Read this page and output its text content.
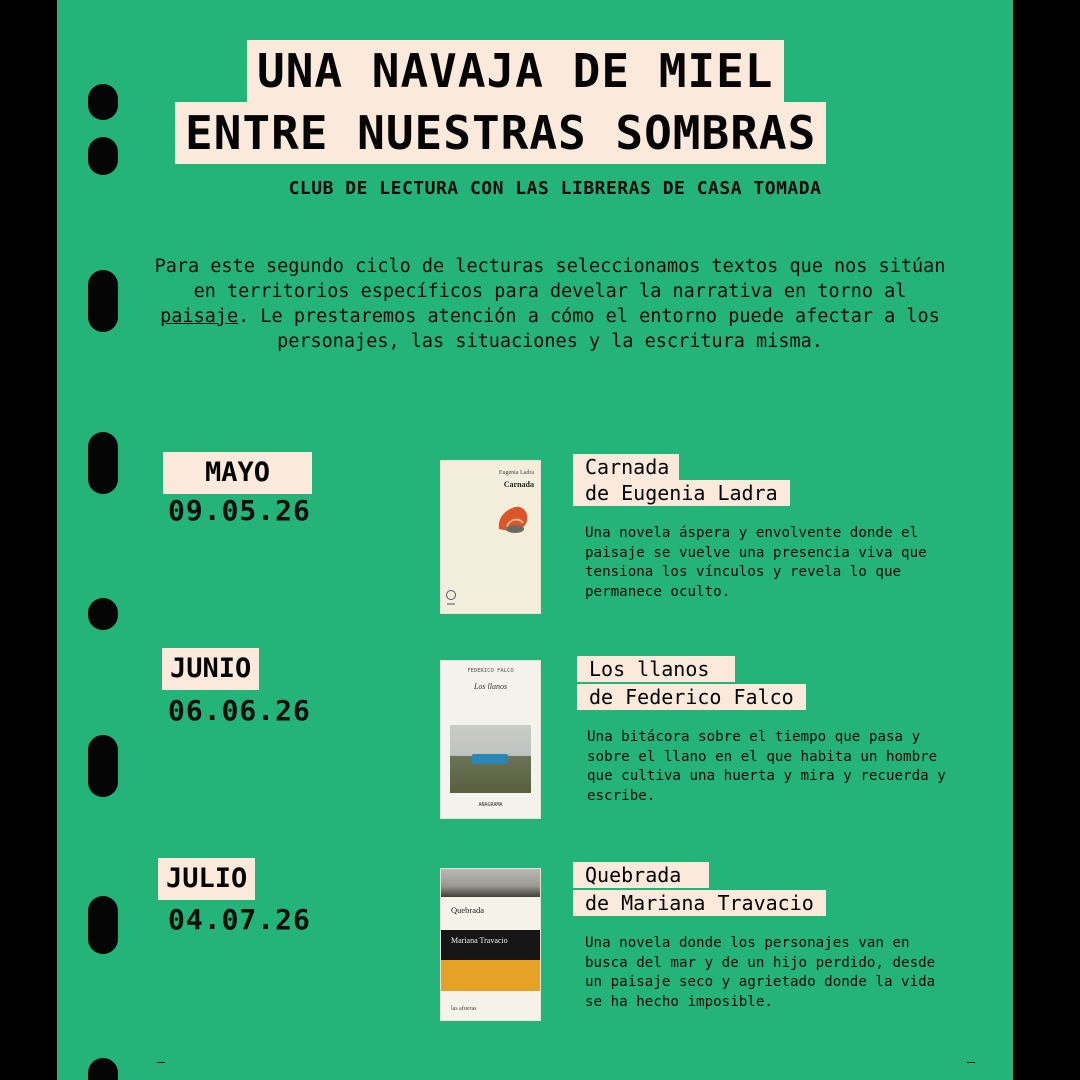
UNA NAVAJA DE MIEL
ENTRE NUESTRAS SOMBRAS
CLUB DE LECTURA CON LAS LIBRERAS DE CASA TOMADA
Para este segundo ciclo de lecturas seleccionamos textos que nos sitúan en territorios específicos para develar la narrativa en torno al paisaje. Le prestaremos atención a cómo el entorno puede afectar a los personajes, las situaciones y la escritura misma.
MAYO
09.05.26
Eugenia Ladra
Carnada
Carnada
de Eugenia Ladra
Una novela áspera y envolvente donde el paisaje se vuelve una presencia viva que tensiona los vínculos y revela lo que permanece oculto.
JUNIO
06.06.26
FEDERICO FALCO
Los llanos
ANAGRAMA
Los llanos
de Federico Falco
Una bitácora sobre el tiempo que pasa y sobre el llano en el que habita un hombre que cultiva una huerta y mira y recuerda y escribe.
JULIO
04.07.26	Quebrada
Mariana Travacio
las afueras
Quebrada
de Mariana Travacio
Una novela donde los personajes van en busca del mar y de un hijo perdido, desde un paisaje seco y agrietado donde la vida se ha hecho imposible.
